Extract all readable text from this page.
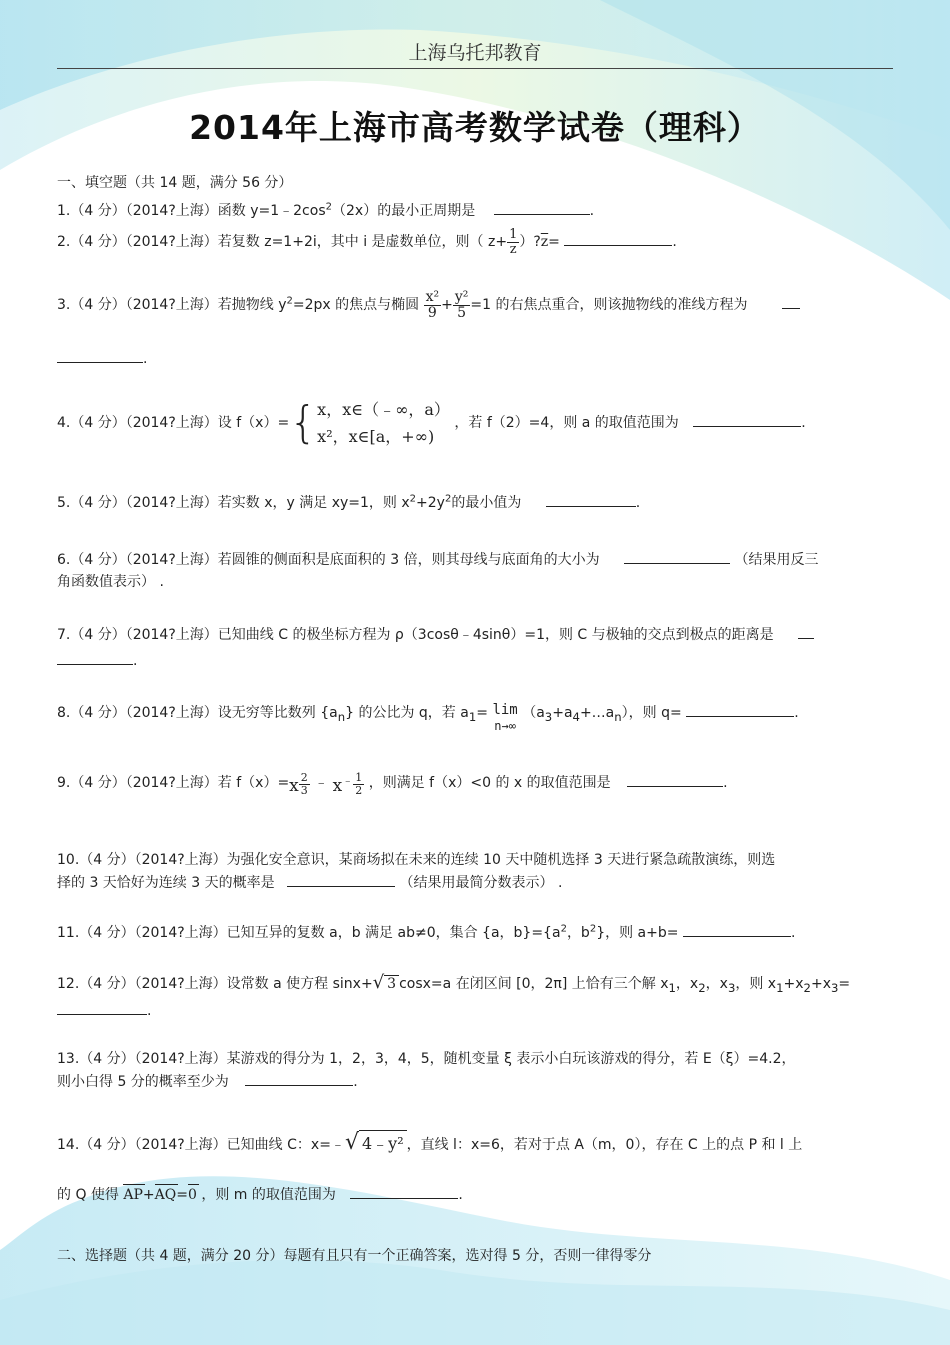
上海乌托邦教育
2014年上海市高考数学试卷（理科）
一、填空题（共 14 题，满分 56 分）
1.（4 分）（2014?上海）函数 $y=1﹣2\cos^2(2x)$的最小正周期是	.
2.（4 分）（2014?上海）若复数 z=1+2i，其中 i 是虚数单位，则（ $z+ \frac{1}{z}$ ）$?\overline{z}=$	.
3.（4 分）（2014?上海）若抛物线 $y^2=2px$ 的焦点与椭圆 $\frac{\text{x²}}{9} + \frac{\text{y²}}{5} =1$ 的右焦点重合，则该抛物线的准线方程为
.
4.（4 分）（2014?上海）设 f（x）={ x，x∈（﹣∞，a）
x²，x∈[a，+∞)
，若 f（2）=4，则 a 的取值范围为	.
5.（4 分）（2014?上海）若实数 x，y 满足 xy=1，则 $x^2+2y^2$的最小值为	.
6.（4 分）（2014?上海）若圆锥的侧面积是底面积的 3 倍，则其母线与底面角的大小为	（结果用反三
角函数值表示） .
7.（4 分）（2014?上海）已知曲线 C 的极坐标方程为 ρ（3cosθ﹣4sinθ）=1，则 C 与极轴的交点到极点的距离是
.
8.（4 分）（2014?上海）设无穷等比数列 $\{a_n\}$ 的公比为 q，若 $a_1= \lim$
n→∞
$(a_3+a_4+\dots a_n)$，则 q=	.
9.（4 分）（2014?上海）若 $f(x)=x \frac{2}{3}$ ﹣ $x^﹣ \frac{1}{2}$ ，则满足 f（x）<0 的 x 的取值范围是	.
10.（4 分）（2014?上海）为强化安全意识，某商场拟在未来的连续 10 天中随机选择 3 天进行紧急疏散演练，则选
择的 3 天恰好为连续 3 天的概率是	（结果用最简分数表示） .
11.（4 分）（2014?上海）已知互异的复数 a，b 满足 ab≠0，集合 {a，$b\}=\{a^2$，$b^2$}，则 a+b=	.
12.（4 分）（2014?上海）设常数 a 使方程 sinx+√ 3 cosx=a 在闭区间 [0，2π] 上恰有三个解 $x_1$，$x_2$，$x_3$，则 $x_1+x_2+x_3=$
.
13.（4 分）（2014?上海）某游戏的得分为 1，2，3，4，5，随机变量 ξ 表示小白玩该游戏的得分，若 E（ξ）=4.2，
则小白得 5 分的概率至少为	.
14.（4 分）（2014?上海）已知曲线 C：x=﹣√ 4﹣y² ，直线 l：x=6，若对于点 A（m，0），存在 C 上的点 P 和 l 上
的 Q 使得 AP+AQ=0 ，则 m 的取值范围为	.
二、选择题（共 4 题，满分 20 分）每题有且只有一个正确答案，选对得 5 分，否则一律得零分
